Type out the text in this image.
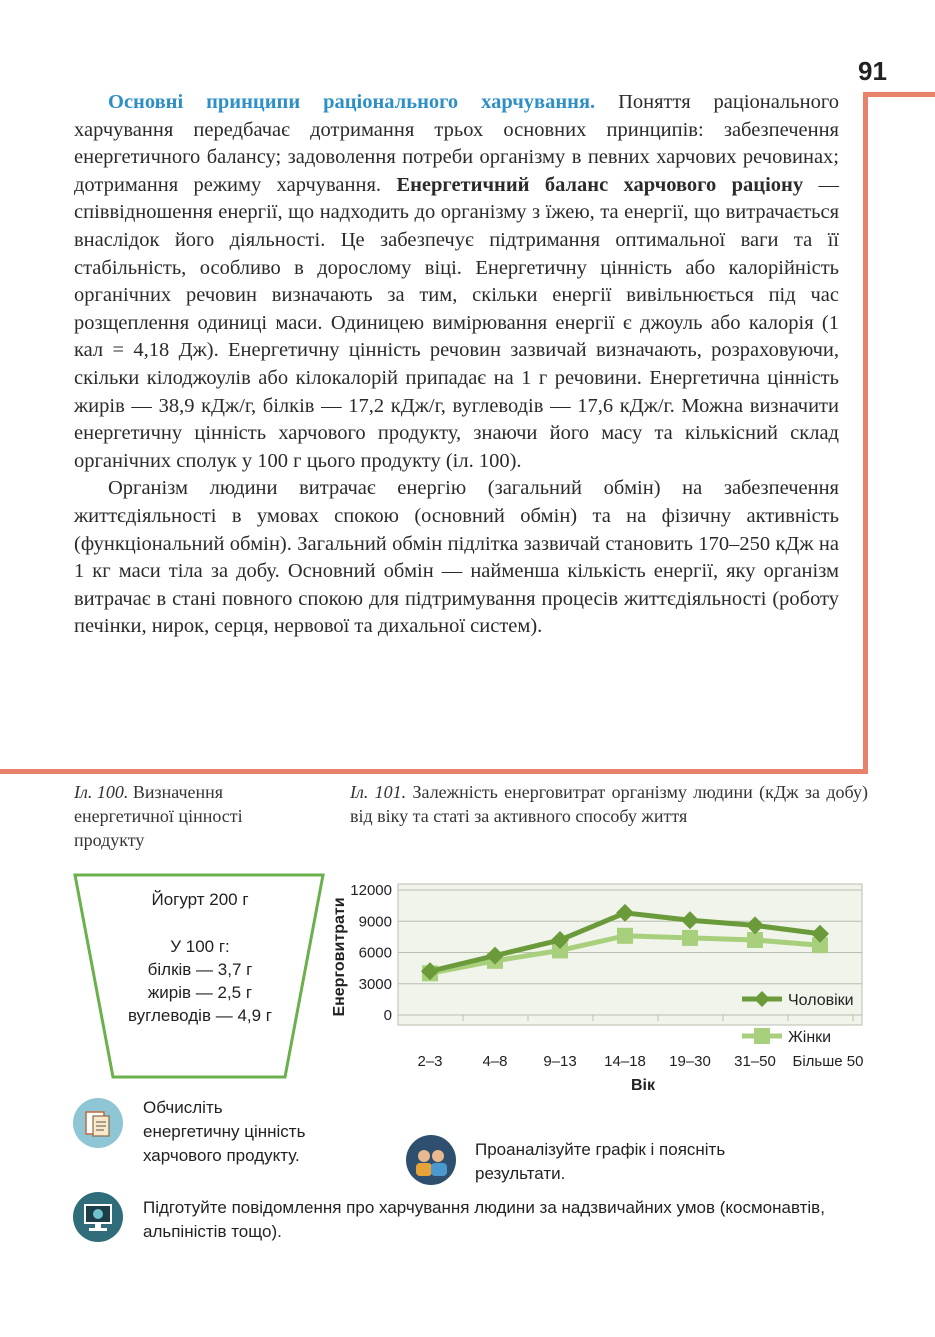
91

Основні принципи раціонального харчування. Поняття раціонального харчування передбачає дотримання трьох основних принципів: забезпечення енергетичного балансу; задоволення потреби організму в певних харчових речовинах; дотримання режиму харчування. Енергетичний баланс харчового раціону — співвідношення енергії, що надходить до організму з їжею, та енергії, що витрачається внаслідок його діяльності. Це забезпечує підтримання оптимальної ваги та її стабільність, особливо в дорослому віці. Енергетичну цінність або калорійність органічних речовин визначають за тим, скільки енергії вивільнюється під час розщеплення одиниці маси. Одиницею вимірювання енергії є джоуль або калорія (1 кал = 4,18 Дж). Енергетичну цінність речовин зазвичай визначають, розраховуючи, скільки кілоджоулів або кілокалорій припадає на 1 г речовини. Енергетична цінність жирів — 38,9 кДж/г, білків — 17,2 кДж/г, вуглеводів — 17,6 кДж/г. Можна визначити енергетичну цінність харчового продукту, знаючи його масу та кількісний склад органічних сполук у 100 г цього продукту (іл. 100).

Організм людини витрачає енергію (загальний обмін) на забезпечення життєдіяльності в умовах спокою (основний обмін) та на фізичну активність (функціональний обмін). Загальний обмін підлітка зазвичай становить 170–250 кДж на 1 кг маси тіла за добу. Основний обмін — найменша кількість енергії, яку організм витрачає в стані повного спокою для підтримування процесів життєдіяльності (роботу печінки, нирок, серця, нервової та дихальної систем).

Іл. 100. Визначення енергетичної цінності продукту
Іл. 101. Залежність енерговитрат організму людини (кДж за добу) від віку та статі за активного способу життя
Йогурт 200 г
У 100 г:
білків — 3,7 г
жирів — 2,5 г
вуглеводів — 4,9 г	0
3000
6000
9000
12000
2–3	4–8 9–13 14–18 19–30 31–50 Більше 50
Чоловіки
Жінки
Енерговитрати
Вік
Обчисліть енергетичну цінність харчового продукту.	Проаналізуйте графік і поясніть результати.
Підготуйте повідомлення про харчування людини за надзвичайних умов (космонавтів, альпіністів тощо).
